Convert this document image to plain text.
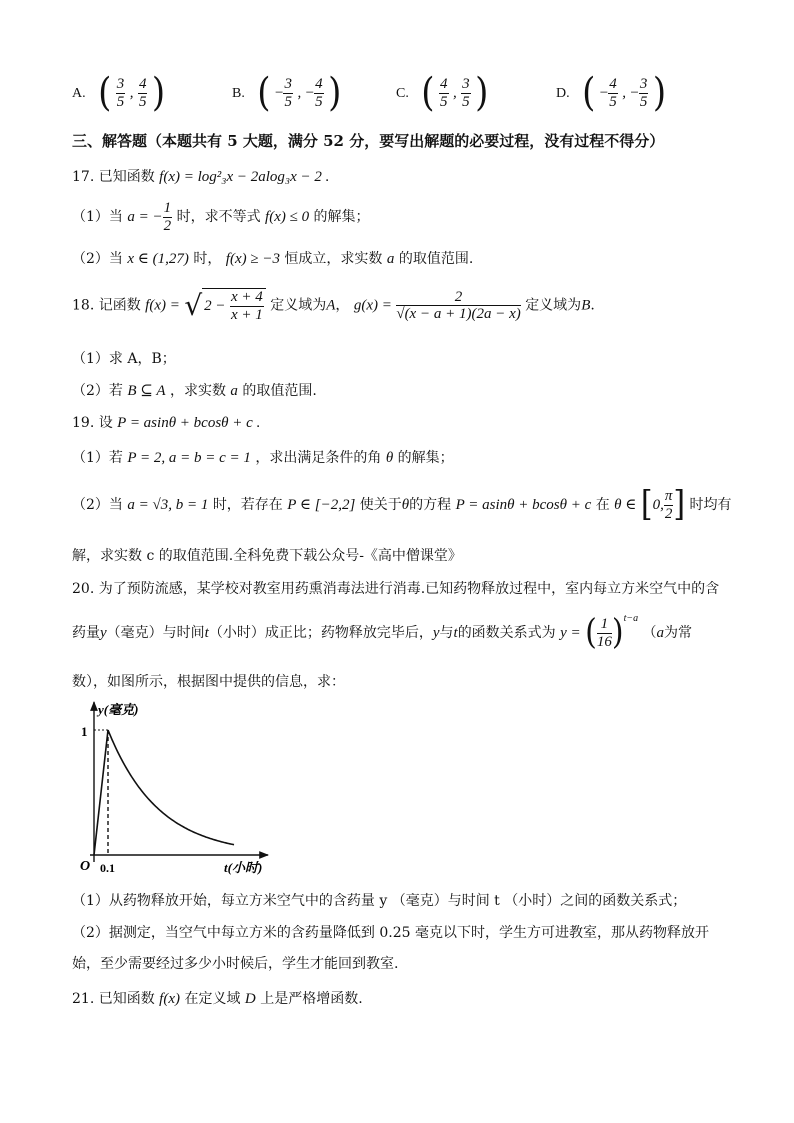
A. ( $\frac{3}{5}$ , $\frac{4}{5}$ )	B. ( − $\frac{3}{5}$ , − $\frac{4}{5}$ )	C. ( $\frac{4}{5}$ , $\frac{3}{5}$ )	D. ( − $\frac{4}{5}$ , − $\frac{3}{5}$ )
三、解答题（本题共有 5 大题，满分 52 分，要写出解题的必要过程，没有过程不得分）
17. 已知函数 f(x) = log²₃x − 2alog₃x − 2 .
（1）当 a = − $\frac{1}{2}$ 时，求不等式 f(x) ≤ 0 的解集；
（2）当 x ∈ (1,27) 时， f(x) ≥ −3 恒成立，求实数 a 的取值范围.
18. 记函数 f(x) = √ $2 - \frac{x + 4}{x + 1}$ 定义域为A， $g(x) = \frac{2}{√(x - a + 1)(2a - x)}$ 定义域为B.
（1）求 A，B；
（2）若 B ⊆ A ，求实数 a 的取值范围.
19. 设 P = asinθ + bcosθ + c .
（1）若 P = 2, a = b = c = 1 ，求出满足条件的角 θ 的解集；
（2）当 a = √3, b = 1 时，若存在 P ∈ [−2,2] 使关于θ的方程 P = asinθ + bcosθ + c 在 θ ∈ [0, $\frac{\pi}{2}$ ] 时均有
解，求实数 c 的取值范围.全科免费下载公众号-《高中僧课堂》
20. 为了预防流感，某学校对教室用药熏消毒法进行消毒.已知药物释放过程中，室内每立方米空气中的含
药量y（毫克）与时间t（小时）成正比；药物释放完毕后，y与t的函数关系式为 y = ( $\frac{1}{16} )^{t-a}$ （a为常
数），如图所示，根据图中提供的信息，求：
y(毫克)
t(小时)
O 0.1
1
（1）从药物释放开始，每立方米空气中的含药量 y （毫克）与时间 t （小时）之间的函数关系式；
（2）据测定，当空气中每立方米的含药量降低到 0.25 毫克以下时，学生方可进教室，那从药物释放开
始，至少需要经过多少小时候后，学生才能回到教室.
21. 已知函数 f(x) 在定义域 D 上是严格增函数.
